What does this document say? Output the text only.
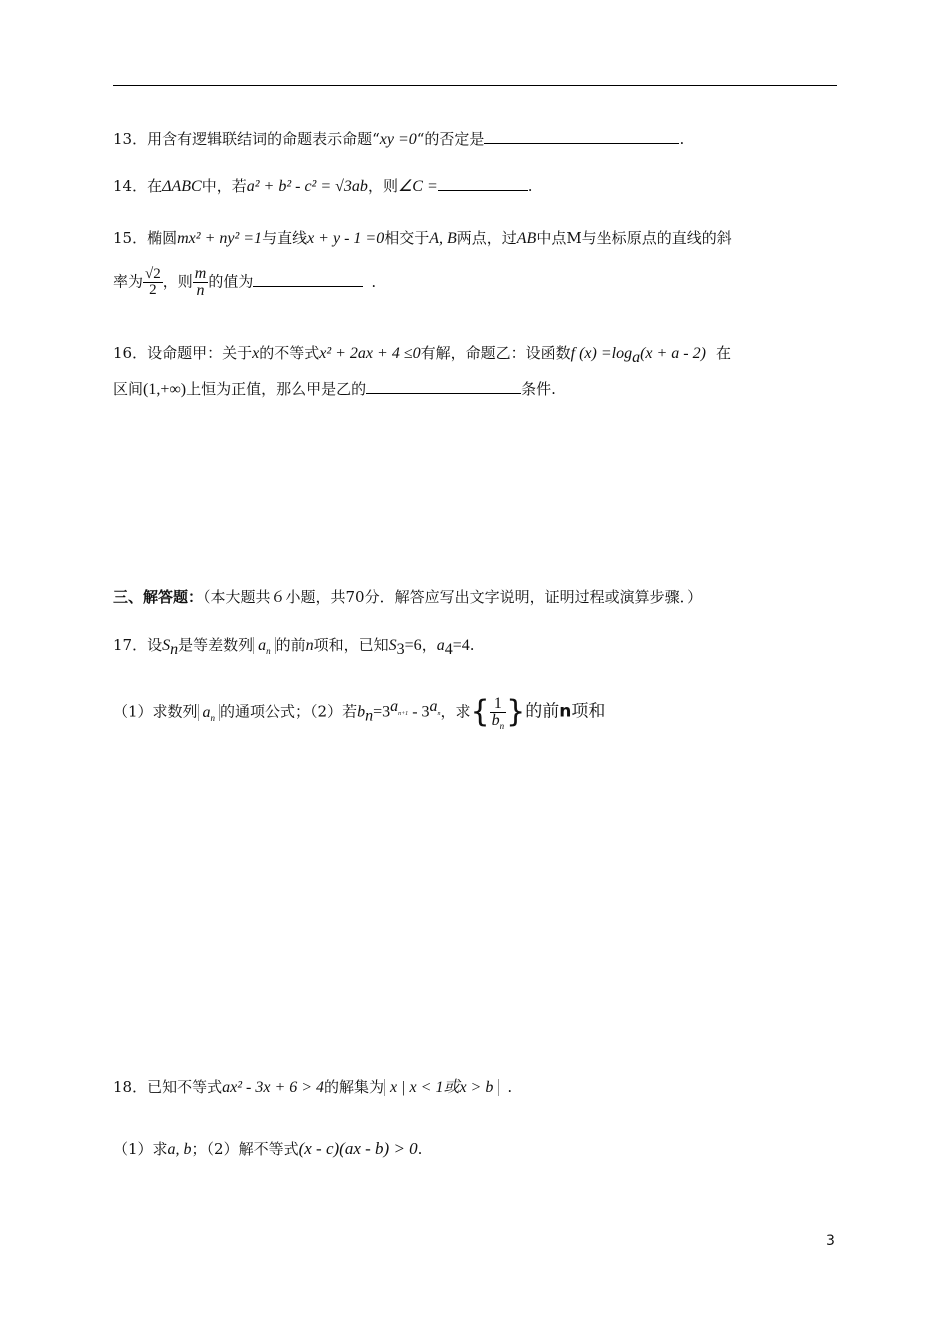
13．用含有逻辑联结词的命题表示命题“xy =0“的否定是	.
14．在ΔABC中，若a² + b² - c² = √3ab，则∠C =	.
15．椭圆mx² + ny² =1与直线x + y - 1 =0相交于A, B两点，过AB中点M与坐标原点的直线的斜
率为 $\frac{√2}{2}$ ，则 $\frac{m}{n}$ 的值为	.
16．设命题甲：关于x的不等式x² + 2ax + 4 ≤0有解，命题乙：设函数f $(x) =\log_a(x + a - 2)$ 在
区间(1,+∞)上恒为正值，那么甲是乙的	条件.
三、解答题：（本大题共６小题，共70分．解答应写出文字说明，证明过程或演算步骤．）
17．设$S_n$是等差数列 $a_n$ 的前n项和，已知$S_3=6$，$a_4=4$.
（1）求数列 $a_n$ 的通项公式；（2）若$b_n=3^{a_{n+1}} - 3^{a_n}$，求{ $\frac{1}{b_n}$ }的前n项和
18．已知不等式ax² - 3x + 6 > 4的解集为 x | x < 1或x > b .
（1）求a, b；（2）解不等式(x - c)(ax - b) > 0.
3
